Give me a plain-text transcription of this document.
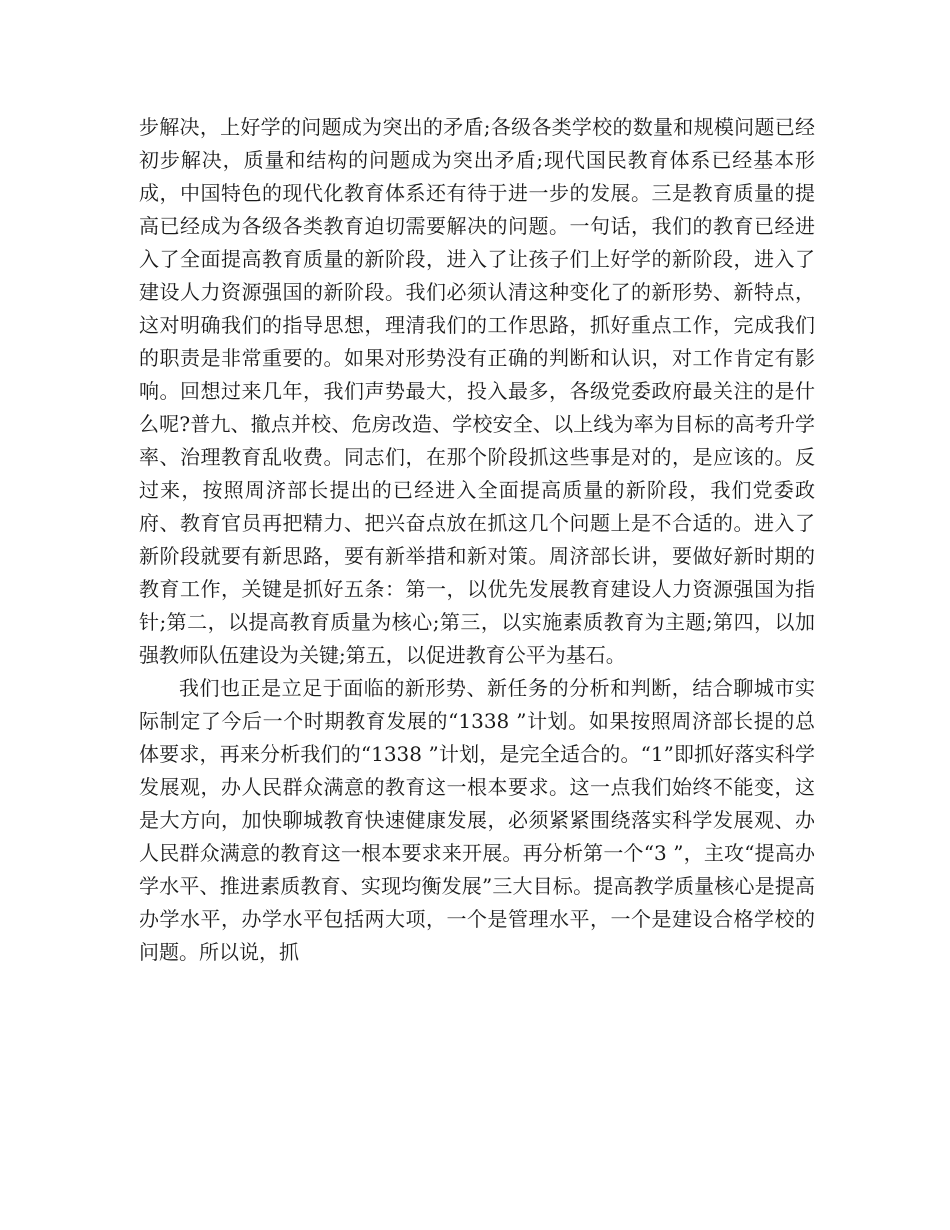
步解决，上好学的问题成为突出的矛盾;各级各类学校的数量和规模问题已经初步解决，质量和结构的问题成为突出矛盾;现代国民教育体系已经基本形成，中国特色的现代化教育体系还有待于进一步的发展。三是教育质量的提高已经成为各级各类教育迫切需要解决的问题。一句话，我们的教育已经进入了全面提高教育质量的新阶段，进入了让孩子们上好学的新阶段，进入了建设人力资源强国的新阶段。我们必须认清这种变化了的新形势、新特点，这对明确我们的指导思想，理清我们的工作思路，抓好重点工作，完成我们的职责是非常重要的。如果对形势没有正确的判断和认识，对工作肯定有影响。回想过来几年，我们声势最大，投入最多，各级党委政府最关注的是什么呢?普九、撤点并校、危房改造、学校安全、以上线为率为目标的高考升学率、治理教育乱收费。同志们，在那个阶段抓这些事是对的，是应该的。反过来，按照周济部长提出的已经进入全面提高质量的新阶段，我们党委政府、教育官员再把精力、把兴奋点放在抓这几个问题上是不合适的。进入了新阶段就要有新思路，要有新举措和新对策。周济部长讲，要做好新时期的教育工作，关键是抓好五条：第一，以优先发展教育建设人力资源强国为指针;第二，以提高教育质量为核心;第三，以实施素质教育为主题;第四，以加强教师队伍建设为关键;第五，以促进教育公平为基石。

我们也正是立足于面临的新形势、新任务的分析和判断，结合聊城市实际制定了今后一个时期教育发展的“1338 ”计划。如果按照周济部长提的总体要求，再来分析我们的“1338 ”计划，是完全适合的。“1”即抓好落实科学发展观，办人民群众满意的教育这一根本要求。这一点我们始终不能变，这是大方向，加快聊城教育快速健康发展，必须紧紧围绕落实科学发展观、办人民群众满意的教育这一根本要求来开展。再分析第一个“3 ”，主攻“提高办学水平、推进素质教育、实现均衡发展”三大目标。提高教学质量核心是提高办学水平，办学水平包括两大项，一个是管理水平，一个是建设合格学校的问题。所以说，抓
